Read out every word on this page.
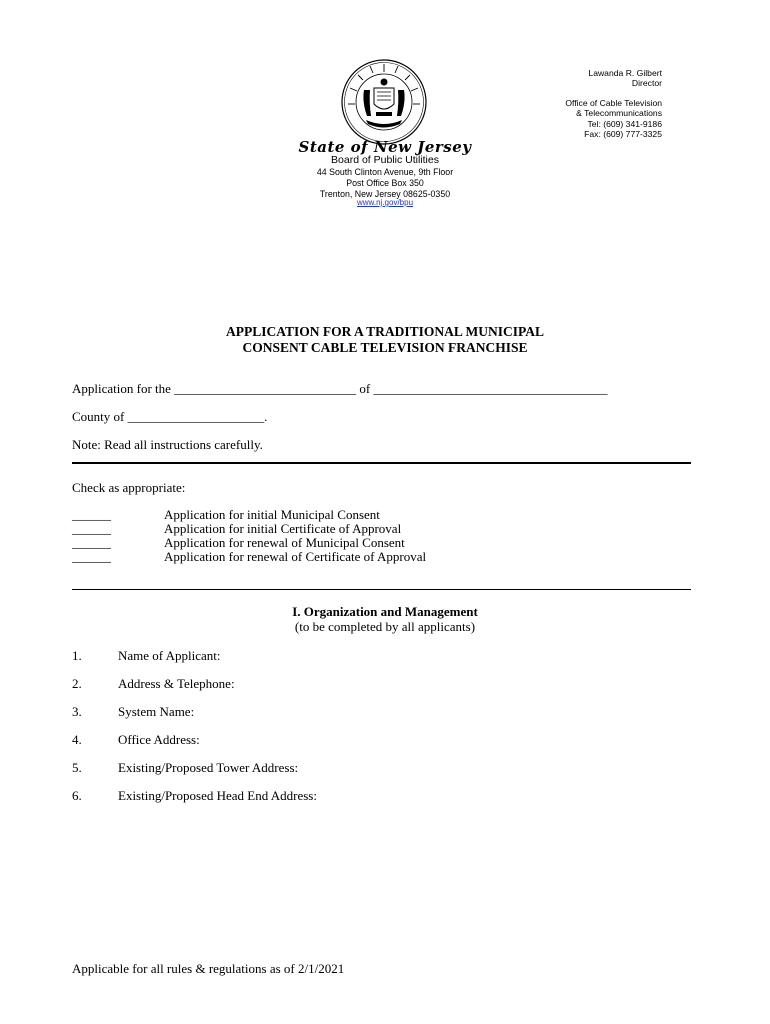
Lawanda R. Gilbert
Director
Office of Cable Television
& Telecommunications
Tel: (609) 341-9186
Fax: (609) 777-3325
State of New Jersey
Board of Public Utilities
44 South Clinton Avenue, 9th Floor
Post Office Box 350
Trenton, New Jersey 08625-0350
www.nj.gov/bpu
APPLICATION FOR A TRADITIONAL MUNICIPAL
CONSENT CABLE TELEVISION FRANCHISE
Application for the ____________________________ of ____________________________________
County of _____________________.
Note: Read all instructions carefully.
Check as appropriate:
______	Application for initial Municipal Consent
______	Application for initial Certificate of Approval
______	Application for renewal of Municipal Consent
______	Application for renewal of Certificate of Approval
I. Organization and Management
(to be completed by all applicants)
1.	Name of Applicant:
2.	Address & Telephone:
3.	System Name:
4.	Office Address:
5.	Existing/Proposed Tower Address:
6.	Existing/Proposed Head End Address:
Applicable for all rules & regulations as of 2/1/2021
